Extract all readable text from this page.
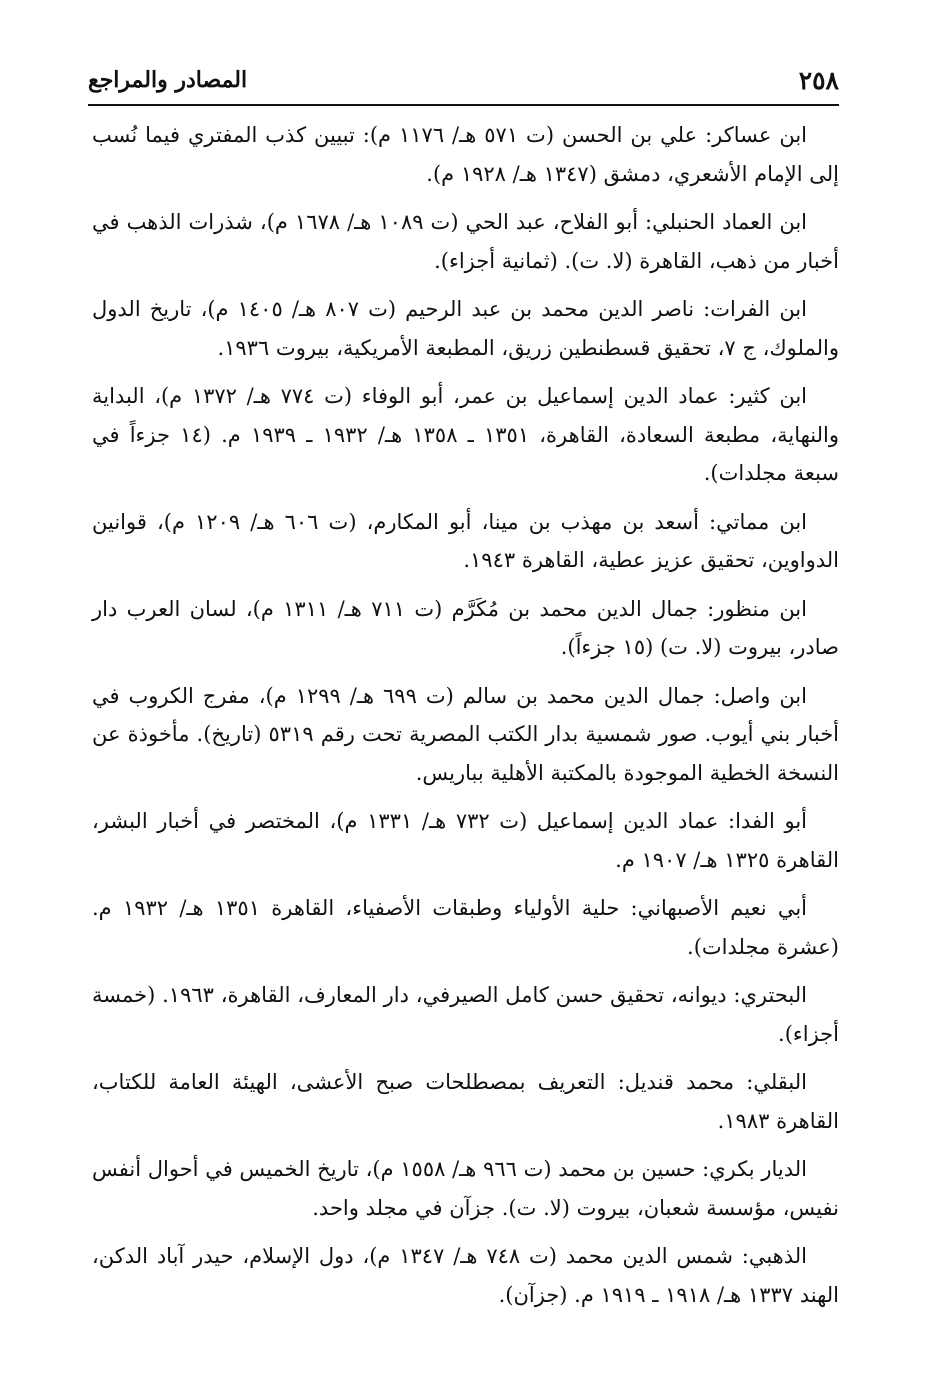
٢٥٨
المصادر والمراجع

ابن عساكر: علي بن الحسن (ت ٥٧١ هـ/ ١١٧٦ م): تبيين كذب المفتري فيما نُسب إلى الإمام الأشعري، دمشق (١٣٤٧ هـ/ ١٩٢٨ م).

ابن العماد الحنبلي: أبو الفلاح، عبد الحي (ت ١٠٨٩ هـ/ ١٦٧٨ م)، شذرات الذهب في أخبار من ذهب، القاهرة (لا. ت). (ثمانية أجزاء).

ابن الفرات: ناصر الدين محمد بن عبد الرحيم (ت ٨٠٧ هـ/ ١٤٠٥ م)، تاريخ الدول والملوك، ج ٧، تحقيق قسطنطين زريق، المطبعة الأمريكية، بيروت ١٩٣٦.

ابن كثير: عماد الدين إسماعيل بن عمر، أبو الوفاء (ت ٧٧٤ هـ/ ١٣٧٢ م)، البداية والنهاية، مطبعة السعادة، القاهرة، ١٣٥١ ـ ١٣٥٨ هـ/ ١٩٣٢ ـ ١٩٣٩ م. (١٤ جزءاً في سبعة مجلدات).

ابن مماتي: أسعد بن مهذب بن مينا، أبو المكارم، (ت ٦٠٦ هـ/ ١٢٠٩ م)، قوانين الدواوين، تحقيق عزيز عطية، القاهرة ١٩٤٣.

ابن منظور: جمال الدين محمد بن مُكَرَّم (ت ٧١١ هـ/ ١٣١١ م)، لسان العرب دار صادر، بيروت (لا. ت) (١٥ جزءاً).

ابن واصل: جمال الدين محمد بن سالم (ت ٦٩٩ هـ/ ١٢٩٩ م)، مفرج الكروب في أخبار بني أيوب. صور شمسية بدار الكتب المصرية تحت رقم ٥٣١٩ (تاريخ). مأخوذة عن النسخة الخطية الموجودة بالمكتبة الأهلية بباريس.

أبو الفدا: عماد الدين إسماعيل (ت ٧٣٢ هـ/ ١٣٣١ م)، المختصر في أخبار البشر، القاهرة ١٣٢٥ هـ/ ١٩٠٧ م.

أبي نعيم الأصبهاني: حلية الأولياء وطبقات الأصفياء، القاهرة ١٣٥١ هـ/ ١٩٣٢ م. (عشرة مجلدات).

البحتري: ديوانه، تحقيق حسن كامل الصيرفي، دار المعارف، القاهرة، ١٩٦٣. (خمسة أجزاء).

البقلي: محمد قنديل: التعريف بمصطلحات صبح الأعشى، الهيئة العامة للكتاب، القاهرة ١٩٨٣.

الديار بكري: حسين بن محمد (ت ٩٦٦ هـ/ ١٥٥٨ م)، تاريخ الخميس في أحوال أنفس نفيس، مؤسسة شعبان، بيروت (لا. ت). جزآن في مجلد واحد.

الذهبي: شمس الدين محمد (ت ٧٤٨ هـ/ ١٣٤٧ م)، دول الإسلام، حيدر آباد الدكن، الهند ١٣٣٧ هـ/ ١٩١٨ ـ ١٩١٩ م. (جزآن).
